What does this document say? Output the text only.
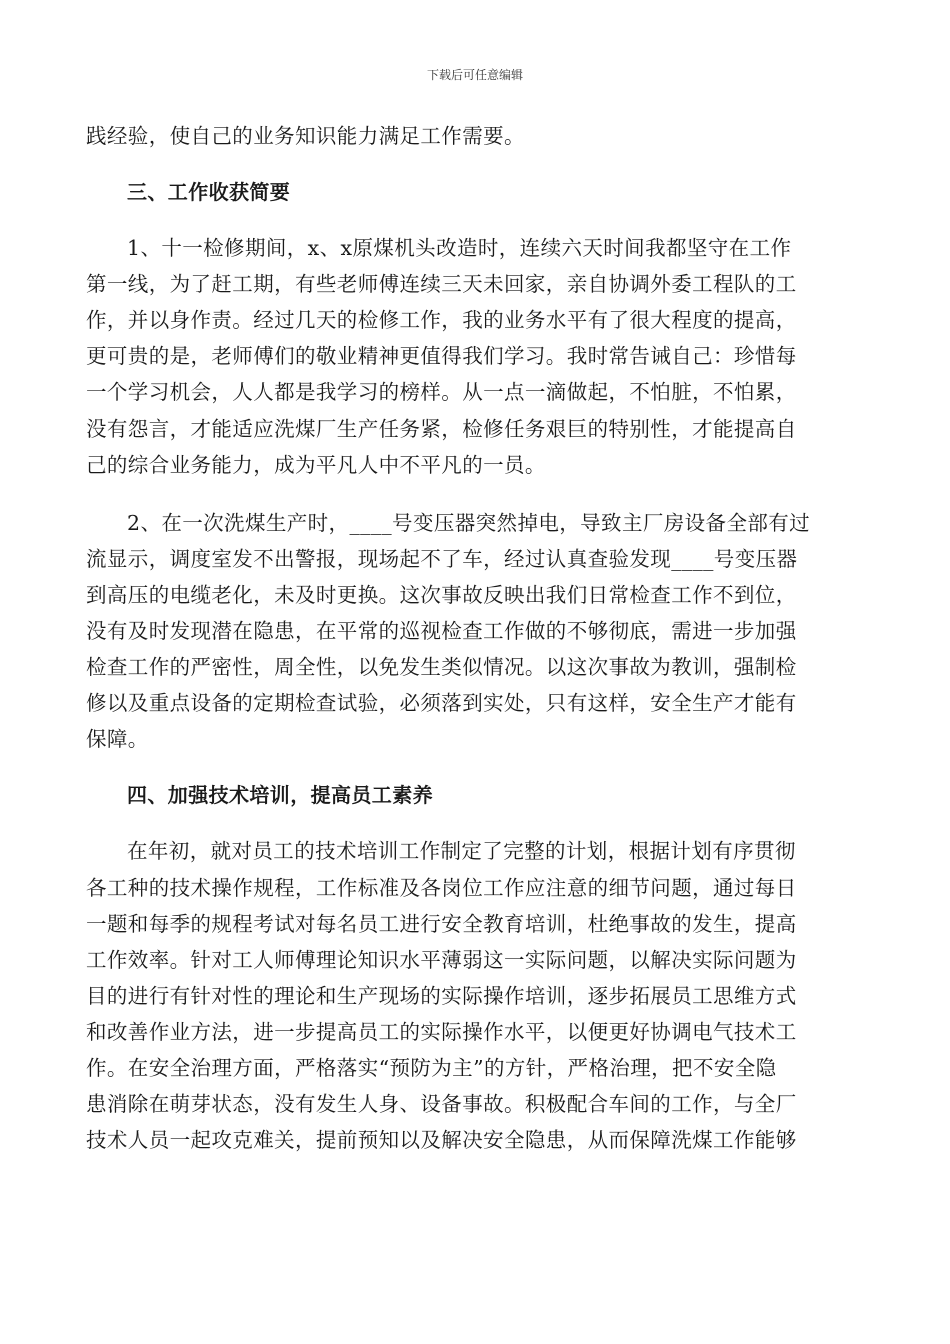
下载后可任意编辑
践经验，使自己的业务知识能力满足工作需要。
三、工作收获简要
1、十一检修期间，x、x原煤机头改造时，连续六天时间我都坚守在工作
第一线，为了赶工期，有些老师傅连续三天未回家，亲自协调外委工程队的工
作，并以身作责。经过几天的检修工作，我的业务水平有了很大程度的提高，
更可贵的是，老师傅们的敬业精神更值得我们学习。我时常告诫自己：珍惜每
一个学习机会，人人都是我学习的榜样。从一点一滴做起，不怕脏，不怕累，
没有怨言，才能适应洗煤厂生产任务紧，检修任务艰巨的特别性，才能提高自
己的综合业务能力，成为平凡人中不平凡的一员。
2、在一次洗煤生产时，____号变压器突然掉电，导致主厂房设备全部有过
流显示，调度室发不出警报，现场起不了车，经过认真查验发现____号变压器
到高压的电缆老化，未及时更换。这次事故反映出我们日常检查工作不到位，
没有及时发现潜在隐患，在平常的巡视检查工作做的不够彻底，需进一步加强
检查工作的严密性，周全性，以免发生类似情况。以这次事故为教训，强制检
修以及重点设备的定期检查试验，必须落到实处，只有这样，安全生产才能有
保障。
四、加强技术培训，提高员工素养
在年初，就对员工的技术培训工作制定了完整的计划，根据计划有序贯彻
各工种的技术操作规程，工作标准及各岗位工作应注意的细节问题，通过每日
一题和每季的规程考试对每名员工进行安全教育培训，杜绝事故的发生，提高
工作效率。针对工人师傅理论知识水平薄弱这一实际问题，以解决实际问题为
目的进行有针对性的理论和生产现场的实际操作培训，逐步拓展员工思维方式
和改善作业方法，进一步提高员工的实际操作水平，以便更好协调电气技术工
作。在安全治理方面，严格落实“预防为主”的方针，严格治理，把不安全隐
患消除在萌芽状态，没有发生人身、设备事故。积极配合车间的工作，与全厂
技术人员一起攻克难关，提前预知以及解决安全隐患，从而保障洗煤工作能够
